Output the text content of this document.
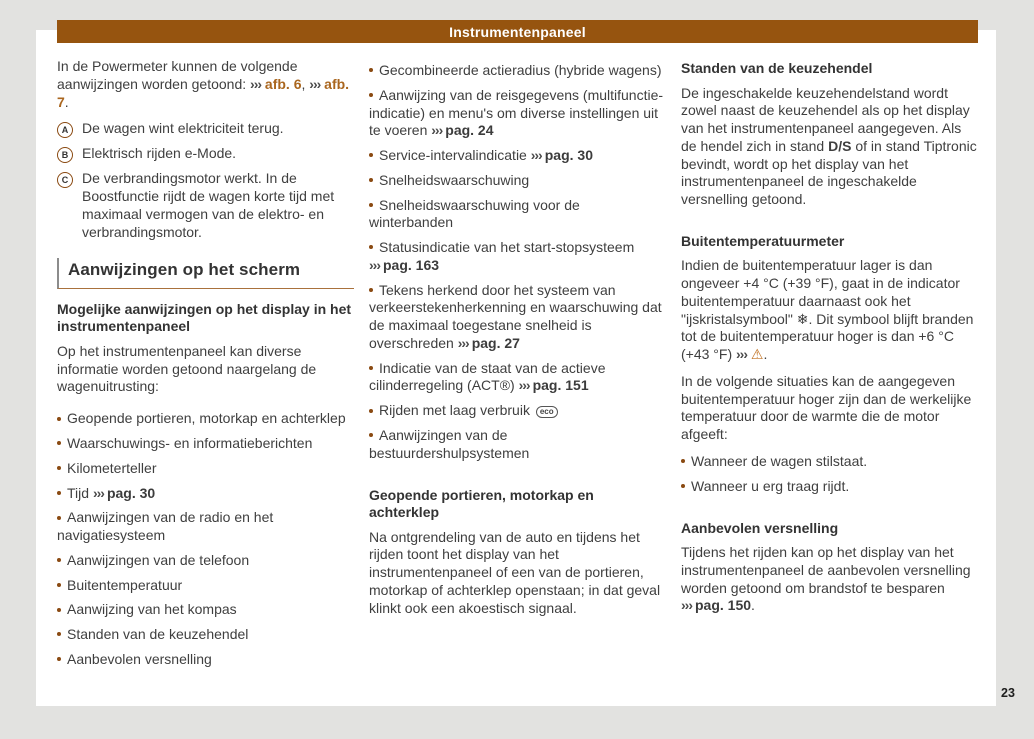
Instrumentenpaneel

In de Powermeter kunnen de volgende aanwijzingen worden getoond: ››› afb. 6, ››› afb. 7.

A De wagen wint elektriciteit terug.
B Elektrisch rijden e-Mode.
C De verbrandingsmotor werkt. In de Boostfunctie rijdt de wagen korte tijd met maximaal vermogen van de elektro- en verbrandingsmotor.
Aanwijzingen op het scherm
Mogelijke aanwijzingen op het display in het instrumentenpaneel

Op het instrumentenpaneel kan diverse informatie worden getoond naargelang de wagenuitrusting:

Geopende portieren, motorkap en achterklep
Waarschuwings- en informatieberichten
Kilometerteller
Tijd ››› pag. 30
Aanwijzingen van de radio en het navigatiesysteem
Aanwijzingen van de telefoon
Buitentemperatuur
Aanwijzing van het kompas
Standen van de keuzehendel
Aanbevolen versnelling
Gecombineerde actieradius (hybride wagens)
Aanwijzing van de reisgegevens (multifunctie-indicatie) en menu's om diverse instellingen uit te voeren ››› pag. 24
Service-intervalindicatie ››› pag. 30
Snelheidswaarschuwing
Snelheidswaarschuwing voor de winterbanden
Statusindicatie van het start-stopsysteem ››› pag. 163
Tekens herkend door het systeem van verkeerstekenherkenning en waarschuwing dat de maximaal toegestane snelheid is overschreden ››› pag. 27
Indicatie van de staat van de actieve cilinderregeling (ACT®) ››› pag. 151
Rijden met laag verbruik eco
Aanwijzingen van de bestuurdershulpsystemen
Geopende portieren, motorkap en achterklep

Na ontgrendeling van de auto en tijdens het rijden toont het display van het instrumentenpaneel of een van de portieren, motorkap of achterklep openstaan; in dat geval klinkt ook een akoestisch signaal.

Standen van de keuzehendel

De ingeschakelde keuzehendelstand wordt zowel naast de keuzehendel als op het display van het instrumentenpaneel aangegeven. Als de hendel zich in stand D/S of in stand Tiptronic bevindt, wordt op het display van het instrumentenpaneel de ingeschakelde versnelling getoond.

Buitentemperatuurmeter

Indien de buitentemperatuur lager is dan ongeveer +4 °C (+39 °F), gaat in de indicator buitentemperatuur daarnaast ook het "ijskristalsymbool" ❄. Dit symbool blijft branden tot de buitentemperatuur hoger is dan +6 °C (+43 °F) ››› ⚠.

In de volgende situaties kan de aangegeven buitentemperatuur hoger zijn dan de werkelijke temperatuur door de warmte die de motor afgeeft:

Wanneer de wagen stilstaat.
Wanneer u erg traag rijdt.
Aanbevolen versnelling

Tijdens het rijden kan op het display van het instrumentenpaneel de aanbevolen versnelling worden getoond om brandstof te besparen ››› pag. 150.

23
